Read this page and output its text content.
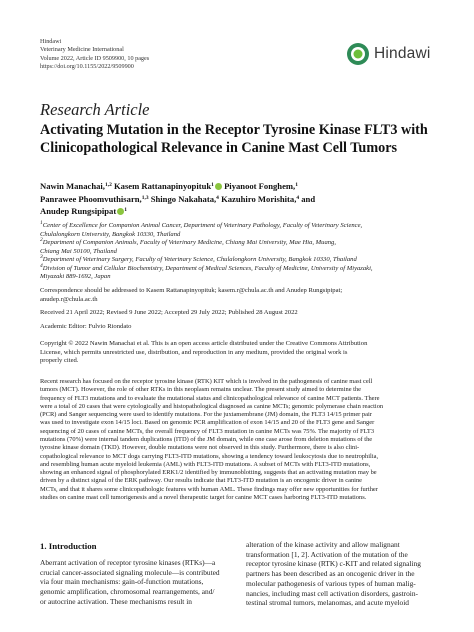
Hindawi
Veterinary Medicine International
Volume 2022, Article ID 9509900, 10 pages
https://doi.org/10.1155/2022/9509900
Hindawi
Research Article
Activating Mutation in the Receptor Tyrosine Kinase FLT3 with
Clinicopathological Relevance in Canine Mast Cell Tumors
Nawin Manachai,$^{1,2}$ Kasem Rattanapinyopituk$^1$ Piyanoot Fonghem,$^1$
Panrawee Phoomvuthisarn,$^{1,3}$ Shingo Nakahata,$^4$ Kazuhiro Morishita,$^4$ and
Anudep Rungsipipat $^1$
$^1$Center of Excellence for Companion Animal Cancer, Department of Veterinary Pathology, Faculty of Veterinary Science,
Chulalongkorn University, Bangkok 10330, Thailand
$^2$Department of Companion Animals, Faculty of Veterinary Medicine, Chiang Mai University, Mae Hia, Muang,
Chiang Mai 50100, Thailand
$^3$Department of Veterinary Surgery, Faculty of Veterinary Science, Chulalongkorn University, Bangkok 10330, Thailand
$^4$Division of Tumor and Cellular Biochemistry, Department of Medical Sciences, Faculty of Medicine, University of Miyazaki,
Miyazaki 889-1692, Japan
Correspondence should be addressed to Kasem Rattanapinyopituk; kasem.r@chula.ac.th and Anudep Rungsipipat;
anudep.r@chula.ac.th
Received 21 April 2022; Revised 9 June 2022; Accepted 29 July 2022; Published 28 August 2022
Academic Editor: Fulvio Riondato
Copyright © 2022 Nawin Manachai et al. This is an open access article distributed under the Creative Commons Attribution
License, which permits unrestricted use, distribution, and reproduction in any medium, provided the original work is
properly cited.
Recent research has focused on the receptor tyrosine kinase (RTK) KIT which is involved in the pathogenesis of canine mast cell
tumors (MCT). However, the role of other RTKs in this neoplasm remains unclear. The present study aimed to determine the
frequency of FLT3 mutations and to evaluate the mutational status and clinicopathological relevance of canine MCT patients. There
were a total of 20 cases that were cytologically and histopathological diagnosed as canine MCTs; genomic polymerase chain reaction
(PCR) and Sanger sequencing were used to identify mutations. For the juxtamembrane (JM) domain, the FLT3 14/15 primer pair
was used to investigate exon 14/15 loci. Based on genomic PCR amplification of exon 14/15 and 20 of the FLT3 gene and Sanger
sequencing of 20 cases of canine MCTs, the overall frequency of FLT3 mutation in canine MCTs was 75%. The majority of FLT3
mutations (70%) were internal tandem duplications (ITD) of the JM domain, while one case arose from deletion mutations of the
tyrosine kinase domain (TKD). However, double mutations were not observed in this study. Furthermore, there is also clini-
copathological relevance to MCT dogs carrying FLT3-ITD mutations, showing a tendency toward leukocytosis due to neutrophilia,
and resembling human acute myeloid leukemia (AML) with FLT3-ITD mutations. A subset of MCTs with FLT3-ITD mutations,
showing an enhanced signal of phosphorylated ERK1/2 identified by immunoblotting, suggests that an activating mutation may be
driven by a distinct signal of the ERK pathway. Our results indicate that FLT3-ITD mutation is an oncogenic driver in canine
MCTs, and that it shares some clinicopathologic features with human AML. These findings may offer new opportunities for further
studies on canine mast cell tumorigenesis and a novel therapeutic target for canine MCT cases harboring FLT3-ITD mutations.
1. Introduction
Aberrant activation of receptor tyrosine kinases (RTKs)—a
crucial cancer-associated signaling molecule—is contributed
via four main mechanisms: gain-of-function mutations,
genomic amplification, chromosomal rearrangements, and/
or autocrine activation. These mechanisms result in
alteration of the kinase activity and allow malignant
transformation [1, 2]. Activation of the mutation of the
receptor tyrosine kinase (RTK) c-KIT and related signaling
partners has been described as an oncogenic driver in the
molecular pathogenesis of various types of human malig-
nancies, including mast cell activation disorders, gastroin-
testinal stromal tumors, melanomas, and acute myeloid
